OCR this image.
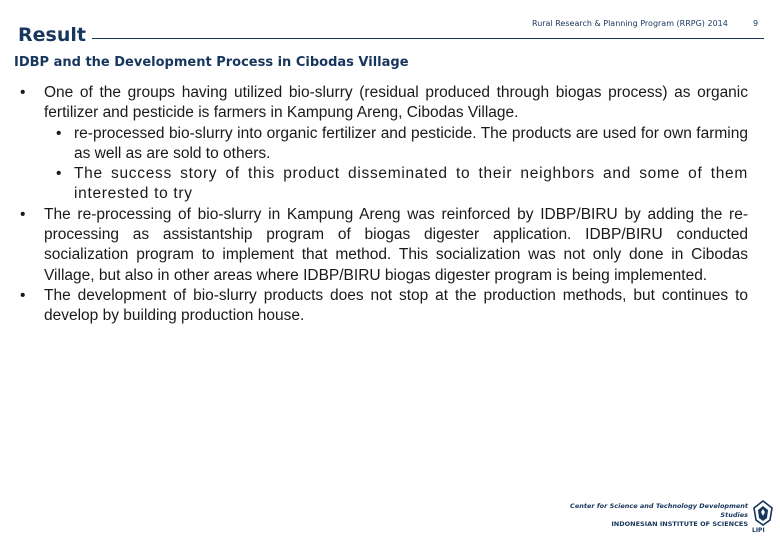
Result
Rural Research & Planning Program (RRPG) 2014	9
IDBP and the Development Process in Cibodas Village
• One of the groups having utilized bio-slurry (residual produced through biogas process) as organic fertilizer and pesticide is farmers in Kampung Areng, Cibodas Village.
• re-processed bio-slurry into organic fertilizer and pesticide. The products are used for own farming as well as are sold to others.
• The success story of this product disseminated to their neighbors and some of them interested to try
• The re-processing of bio-slurry in Kampung Areng was reinforced by IDBP/BIRU by adding the re-processing as assistantship program of biogas digester application. IDBP/BIRU conducted socialization program to implement that method. This socialization was not only done in Cibodas Village, but also in other areas where IDBP/BIRU biogas digester program is being implemented.
• The development of bio-slurry products does not stop at the production methods, but continues to develop by building production house.
Center for Science and Technology Development Studies
INDONESIAN INSTITUTE OF SCIENCES
LIPI
